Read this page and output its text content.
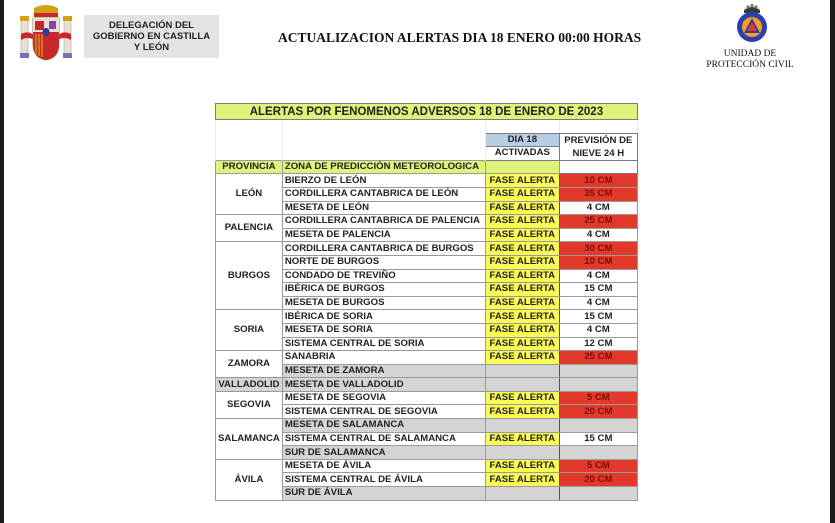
DELEGACIÓN DEL
GOBIERNO EN CASTILLA
Y LEÓN
ACTUALIZACION ALERTAS DIA 18 ENERO 00:00 HORAS
UNIDAD DE
PROTECCIÓN CIVIL
ALERTAS POR FENOMENOS ADVERSOS 18 DE ENERO DE 2023			

		DIA 18	PREVISIÓN DE
NIEVE 24 H
		ACTIVADAS	
PROVINCIA	ZONA DE PREDICCIÓN METEOROLOGICA		
LEÓN	BIERZO DE LEÓN	FASE ALERTA	10 CM
	CORDILLERA CANTABRICA DE LEÓN	FASE ALERTA	35 CM
	MESETA DE LEÓN	FASE ALERTA	4 CM
PALENCIA	CORDILLERA CANTABRICA DE PALENCIA	FASE ALERTA	25 CM
	MESETA DE PALENCIA	FASE ALERTA	4 CM
BURGOS	CORDILLERA CANTABRICA DE BURGOS	FASE ALERTA	30 CM
	NORTE DE BURGOS	FASE ALERTA	10 CM
	CONDADO DE TREVIÑO	FASE ALERTA	4 CM
	IBÉRICA DE BURGOS	FASE ALERTA	15 CM
	MESETA DE BURGOS	FASE ALERTA	4 CM
SORIA	IBÉRICA DE SORIA	FASE ALERTA	15 CM
	MESETA DE SORIA	FASE ALERTA	4 CM
	SISTEMA CENTRAL DE SORIA	FASE ALERTA	12 CM
ZAMORA	SANABRIA	FASE ALERTA	25 CM
	MESETA DE ZAMORA		
VALLADOLID	MESETA DE VALLADOLID		
SEGOVIA	MESETA DE SEGOVIA	FASE ALERTA	5 CM
	SISTEMA CENTRAL DE SEGOVIA	FASE ALERTA	20 CM
SALAMANCA	MESETA DE SALAMANCA		
	SISTEMA CENTRAL DE SALAMANCA	FASE ALERTA	15 CM
	SUR DE SALAMANCA		
ÁVILA	MESETA DE ÁVILA	FASE ALERTA	5 CM
	SISTEMA CENTRAL DE ÁVILA	FASE ALERTA	20 CM
	SUR DE ÁVILA		
